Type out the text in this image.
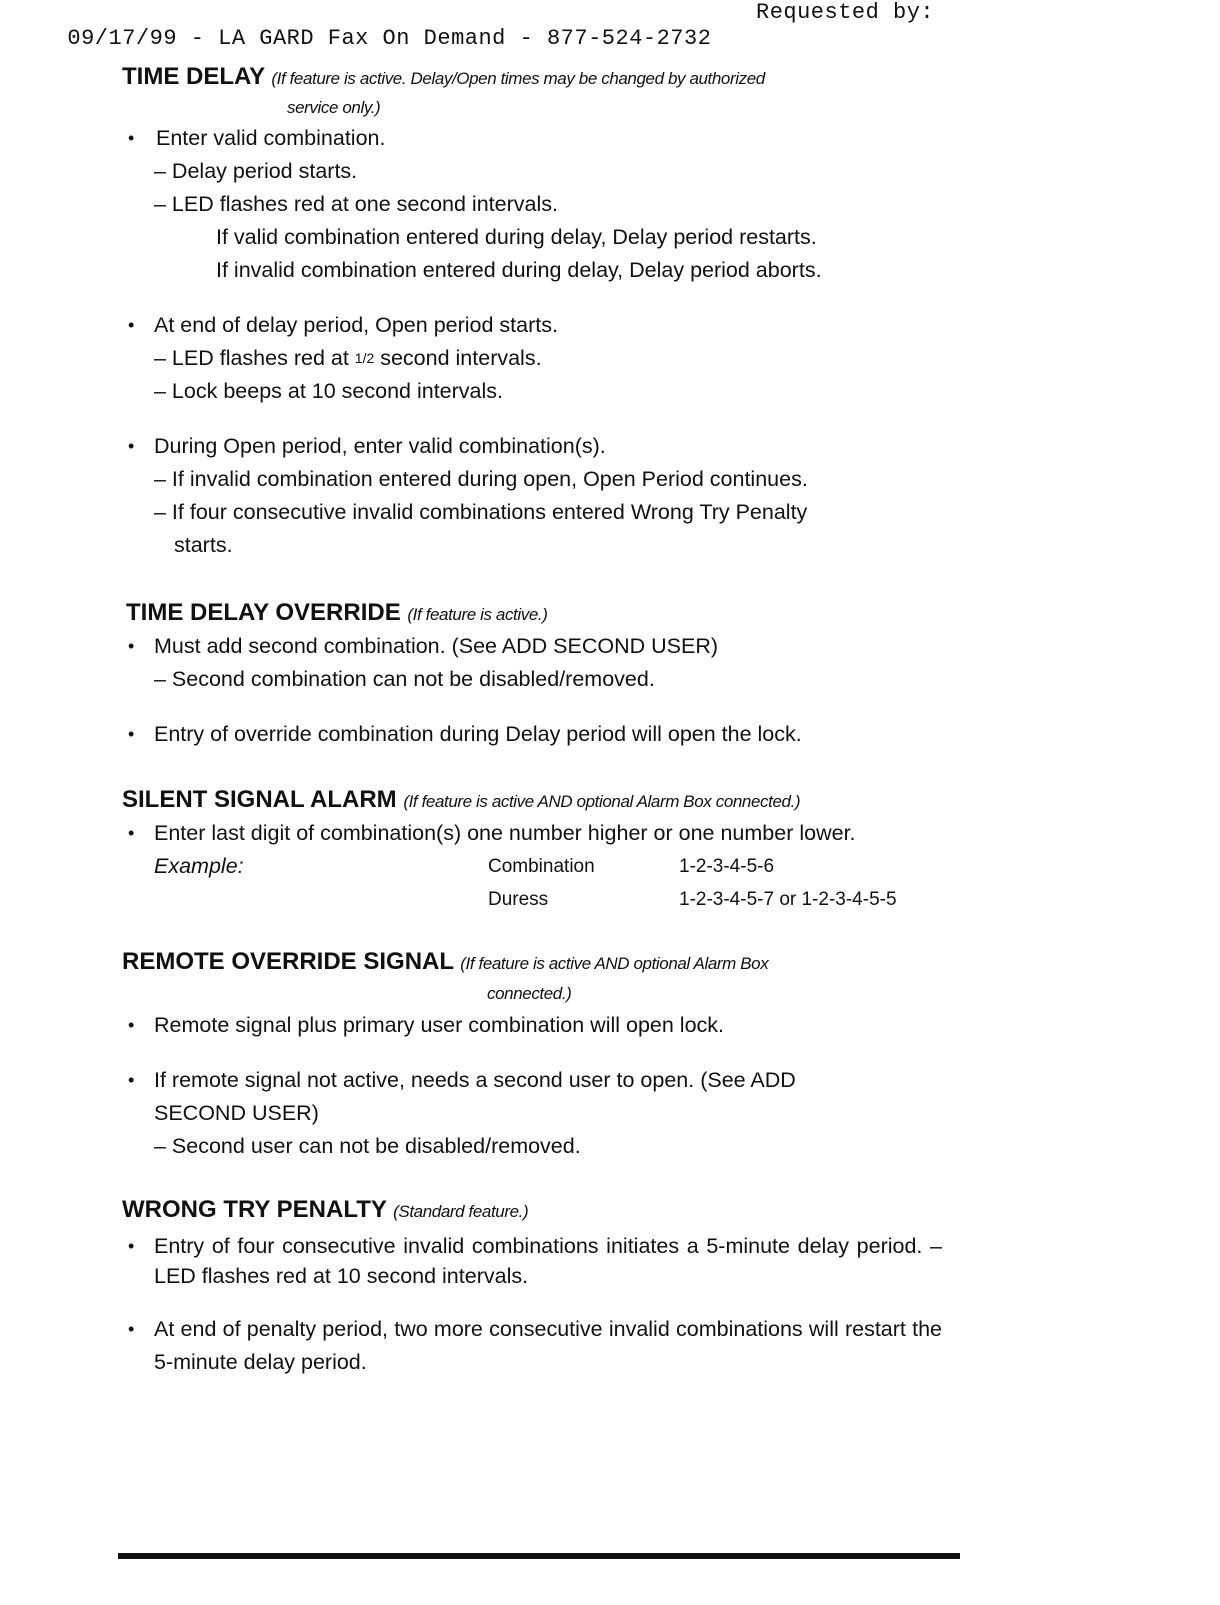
09/17/99 - LA GARD Fax On Demand - 877-524-2732

Requested by:

TIME DELAY (If feature is active. Delay/Open times may be changed by authorized
service only.)
• Enter valid combination.
– Delay period starts.
– LED flashes red at one second intervals.
If valid combination entered during delay, Delay period restarts.
If invalid combination entered during delay, Delay period aborts.
• At end of delay period, Open period starts.
– LED flashes red at 1/2 second intervals.
– Lock beeps at 10 second intervals.
• During Open period, enter valid combination(s).
– If invalid combination entered during open, Open Period continues.
– If four consecutive invalid combinations entered Wrong Try Penalty
starts.
TIME DELAY OVERRIDE (If feature is active.)
• Must add second combination. (See ADD SECOND USER)
– Second combination can not be disabled/removed.
• Entry of override combination during Delay period will open the lock.
SILENT SIGNAL ALARM (If feature is active AND optional Alarm Box connected.)
• Enter last digit of combination(s) one number higher or one number lower.
Example:	Combination	1-2-3-4-5-6
Duress	1-2-3-4-5-7 or 1-2-3-4-5-5
REMOTE OVERRIDE SIGNAL (If feature is active AND optional Alarm Box
connected.)
• Remote signal plus primary user combination will open lock.
• If remote signal not active, needs a second user to open. (See ADD
SECOND USER)
– Second user can not be disabled/removed.
WRONG TRY PENALTY (Standard feature.)
• Entry of four consecutive invalid combinations initiates a 5-minute delay period. – LED flashes red at 10 second intervals.
• At end of penalty period, two more consecutive invalid combinations will restart the 5-minute delay period.
